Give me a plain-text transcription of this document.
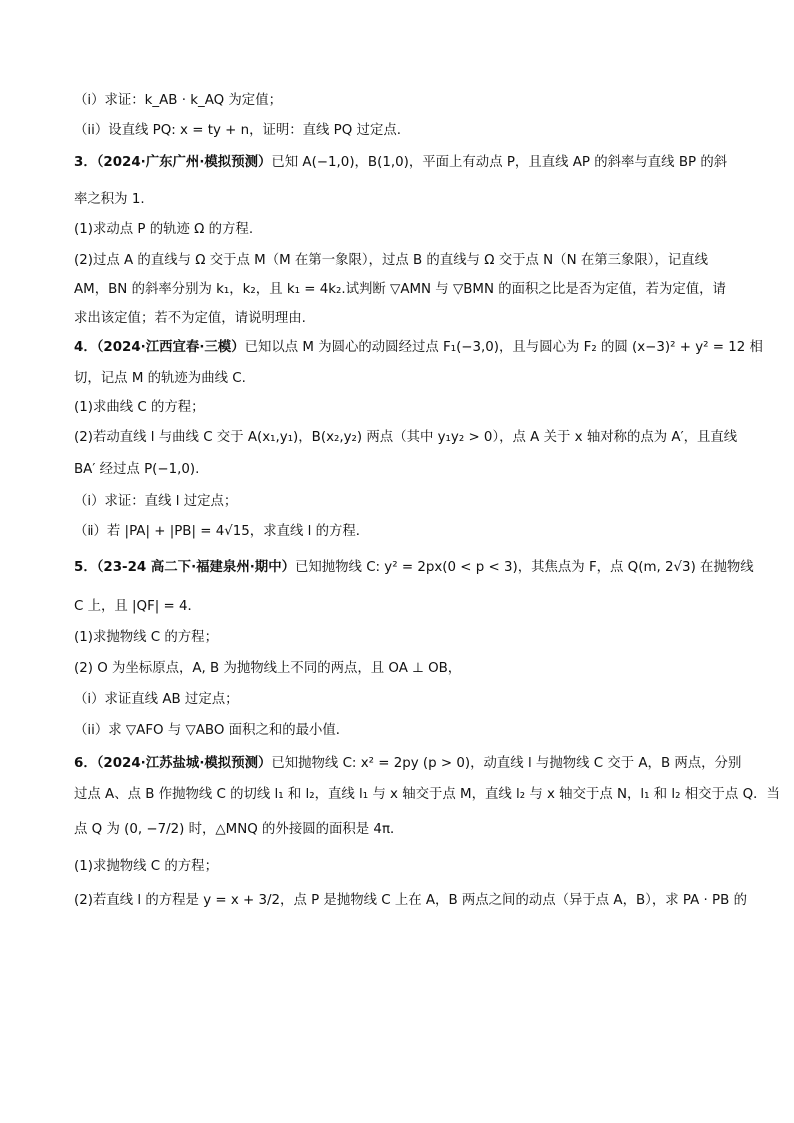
（i）求证：k_AB · k_AQ 为定值；
（ii）设直线 PQ: x = ty + n，证明：直线 PQ 过定点.
3．（2024·广东广州·模拟预测）已知 A(−1,0)，B(1,0)，平面上有动点 P，且直线 AP 的斜率与直线 BP 的斜
率之积为 1.
(1)求动点 P 的轨迹 Ω 的方程.
(2)过点 A 的直线与 Ω 交于点 M（M 在第一象限），过点 B 的直线与 Ω 交于点 N（N 在第三象限），记直线
AM，BN 的斜率分别为 k₁，k₂，且 k₁ = 4k₂.试判断 ▽AMN 与 ▽BMN 的面积之比是否为定值，若为定值，请
求出该定值；若不为定值，请说明理由.
4．（2024·江西宜春·三模）已知以点 M 为圆心的动圆经过点 F₁(−3,0)，且与圆心为 F₂ 的圆 (x−3)² + y² = 12 相
切，记点 M 的轨迹为曲线 C.
(1)求曲线 C 的方程；
(2)若动直线 l 与曲线 C 交于 A(x₁,y₁)，B(x₂,y₂) 两点（其中 y₁y₂ > 0），点 A 关于 x 轴对称的点为 A′，且直线
BA′ 经过点 P(−1,0).
（ⅰ）求证：直线 l 过定点；
（ⅱ）若 |PA| + |PB| = 4√15，求直线 l 的方程．
5．（23-24 高二下·福建泉州·期中）已知抛物线 C: y² = 2px(0 < p < 3)，其焦点为 F，点 Q(m, 2√3) 在抛物线
C 上，且 |QF| = 4．
(1)求抛物线 C 的方程；
(2) O 为坐标原点，A, B 为抛物线上不同的两点，且 OA ⊥ OB，
（i）求证直线 AB 过定点；
（ii）求 ▽AFO 与 ▽ABO 面积之和的最小值．
6．（2024·江苏盐城·模拟预测）已知抛物线 C: x² = 2py (p > 0)，动直线 l 与抛物线 C 交于 A，B 两点，分别
过点 A、点 B 作抛物线 C 的切线 l₁ 和 l₂，直线 l₁ 与 x 轴交于点 M，直线 l₂ 与 x 轴交于点 N，l₁ 和 l₂ 相交于点 Q．当
点 Q 为 (0, −7/2) 时，△MNQ 的外接圆的面积是 4π．
(1)求抛物线 C 的方程；
(2)若直线 l 的方程是 y = x + 3/2，点 P 是抛物线 C 上在 A，B 两点之间的动点（异于点 A，B），求 PA · PB 的
